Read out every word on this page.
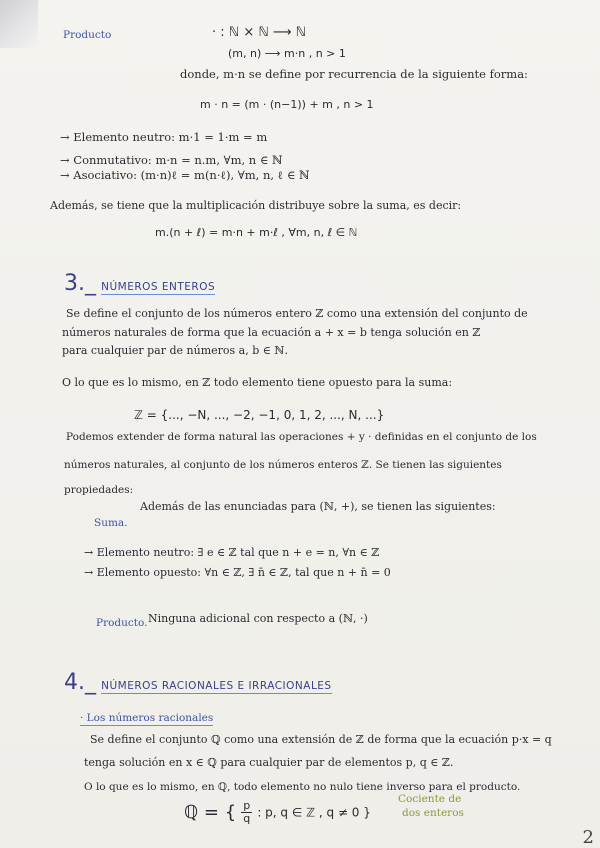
Producto	· : ℕ × ℕ ⟶ ℕ
(m, n) ⟶ m·n , n > 1
donde, m·n se define por recurrencia de la siguiente forma:
m · n = (m · (n−1)) + m , n > 1
→ Elemento neutro: m·1 = 1·m = m
→ Conmutativo: m·n = n.m, ∀m, n ∈ ℕ
→ Asociativo: (m·n)ℓ = m(n·ℓ), ∀m, n, ℓ ∈ ℕ
Además, se tiene que la multiplicación distribuye sobre la suma, es decir:
m.(n + ℓ) = m·n + m·ℓ , ∀m, n, ℓ ∈ ℕ
3._ NÚMEROS ENTEROS
Se define el conjunto de los números entero ℤ como una extensión del conjunto de
números naturales de forma que la ecuación a + x = b tenga solución en ℤ
para cualquier par de números a, b ∈ ℕ.
O lo que es lo mismo, en ℤ todo elemento tiene opuesto para la suma:
ℤ = {..., −N, ..., −2, −1, 0, 1, 2, ..., N, ...}
Podemos extender de forma natural las operaciones + y · definidas en el conjunto de los
números naturales, al conjunto de los números enteros ℤ. Se tienen las siguientes
propiedades:
Suma.
Además de las enunciadas para (ℕ, +), se tienen las siguientes:
→ Elemento neutro: ∃ e ∈ ℤ tal que n + e = n, ∀n ∈ ℤ
→ Elemento opuesto: ∀n ∈ ℤ, ∃ n̄ ∈ ℤ, tal que n + n̄ = 0
Producto. Ninguna adicional con respecto a (ℕ, ·)
4._ NÚMEROS RACIONALES E IRRACIONALES
· Los números racionales
Se define el conjunto ℚ como una extensión de ℤ de forma que la ecuación p·x = q
tenga solución en x ∈ ℚ para cualquier par de elementos p, q ∈ ℤ.
O lo que es lo mismo, en ℚ, todo elemento no nulo tiene inverso para el producto.
ℚ = { $\frac{p}{q}$ : p, q ∈ ℤ , q ≠ 0 }
Cociente de
dos enteros
2
